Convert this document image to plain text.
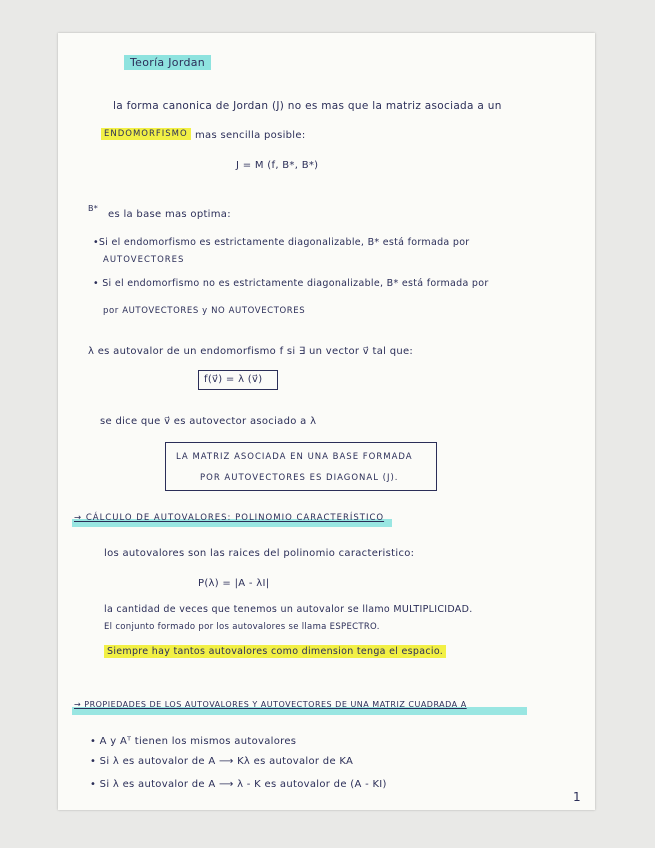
Teoría Jordan
la forma canonica de Jordan (J) no es mas que la matriz asociada a un
ENDOMORFISMO mas sencilla posible:
J = M (f, B*, B*)
B*
es la base mas optima:
•Si el endomorfismo es estrictamente diagonalizable, B* está formada por
AUTOVECTORES
• Si el endomorfismo no es estrictamente diagonalizable, B* está formada por
por AUTOVECTORES y NO AUTOVECTORES
λ es autovalor de un endomorfismo f si ∃ un vector v⃗ tal que:
f(v⃗) = λ (v⃗)
se dice que v⃗ es autovector asociado a λ
LA MATRIZ ASOCIADA EN UNA BASE FORMADA
POR AUTOVECTORES ES DIAGONAL (J).
→ CÁLCULO DE AUTOVALORES: POLINOMIO CARACTERÍSTICO
los autovalores son las raices del polinomio caracteristico:
P(λ) = |A - λI|
la cantidad de veces que tenemos un autovalor se llamo MULTIPLICIDAD.
El conjunto formado por los autovalores se llama ESPECTRO.
Siempre hay tantos autovalores como dimension tenga el espacio.
→ PROPIEDADES DE LOS AUTOVALORES Y AUTOVECTORES DE UNA MATRIZ CUADRADA A
• A y Aᵀ tienen los mismos autovalores
• Si λ es autovalor de A ⟶ Kλ es autovalor de KA
• Si λ es autovalor de A ⟶ λ - K es autovalor de (A - KI)
1
